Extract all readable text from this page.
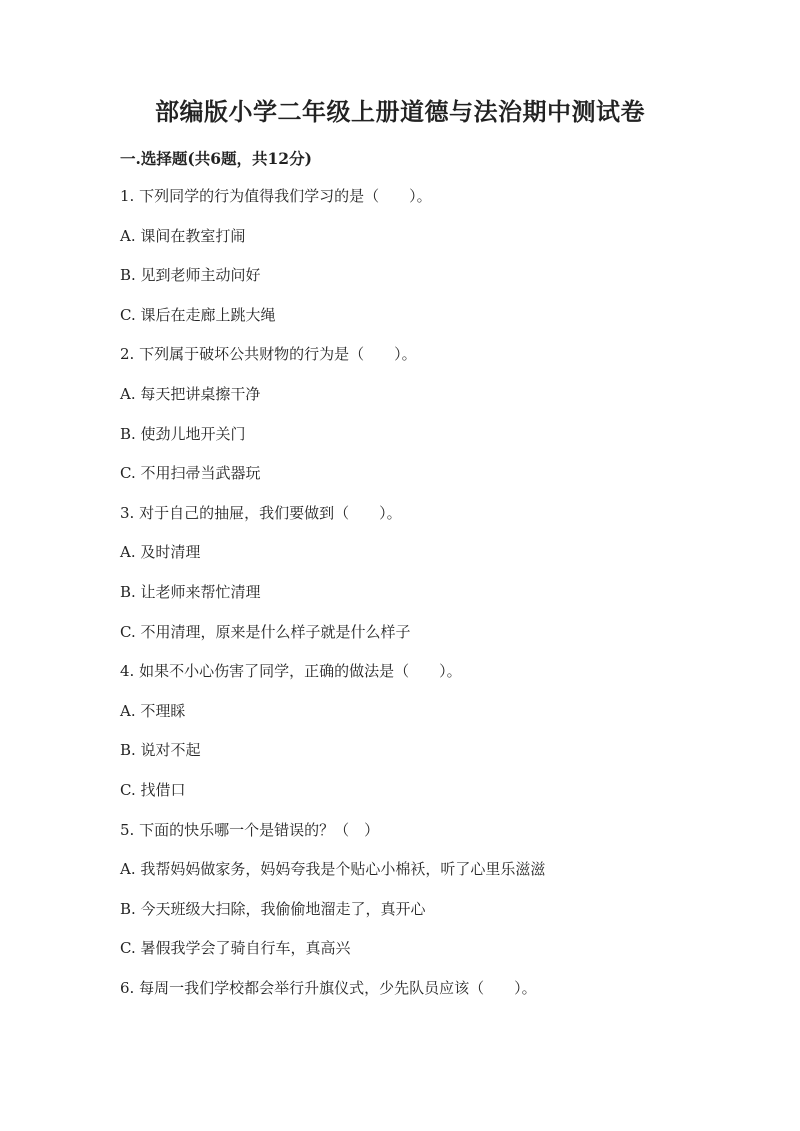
部编版小学二年级上册道德与法治期中测试卷
一.选择题(共6题，共12分)
1. 下列同学的行为值得我们学习的是（　　）。
A. 课间在教室打闹
B. 见到老师主动问好
C. 课后在走廊上跳大绳
2. 下列属于破坏公共财物的行为是（　　）。
A. 每天把讲桌擦干净
B. 使劲儿地开关门
C. 不用扫帚当武器玩
3. 对于自己的抽屉，我们要做到（　　）。
A. 及时清理
B. 让老师来帮忙清理
C. 不用清理，原来是什么样子就是什么样子
4. 如果不小心伤害了同学，正确的做法是（　　）。
A. 不理睬
B. 说对不起
C. 找借口
5. 下面的快乐哪一个是错误的？（　）
A. 我帮妈妈做家务，妈妈夸我是个贴心小棉袄，听了心里乐滋滋
B. 今天班级大扫除，我偷偷地溜走了，真开心
C. 暑假我学会了骑自行车，真高兴
6. 每周一我们学校都会举行升旗仪式，少先队员应该（　　）。
